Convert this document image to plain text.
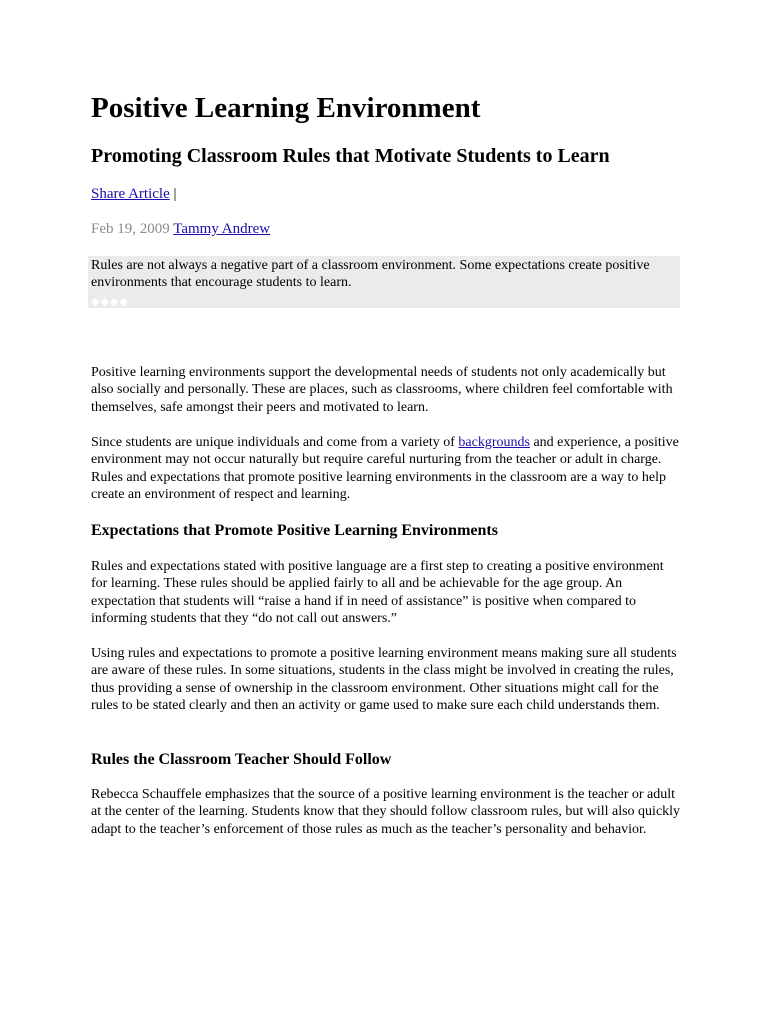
Positive Learning Environment
Promoting Classroom Rules that Motivate Students to Learn
Share Article |
Feb 19, 2009 Tammy Andrew
Rules are not always a negative part of a classroom environment. Some expectations create positive environments that encourage students to learn.
◆◆◆◆

Positive learning environments support the developmental needs of students not only academically but also socially and personally. These are places, such as classrooms, where children feel comfortable with themselves, safe amongst their peers and motivated to learn.

Since students are unique individuals and come from a variety of backgrounds and experience, a positive environment may not occur naturally but require careful nurturing from the teacher or adult in charge. Rules and expectations that promote positive learning environments in the classroom are a way to help create an environment of respect and learning.

Expectations that Promote Positive Learning Environments

Rules and expectations stated with positive language are a first step to creating a positive environment for learning. These rules should be applied fairly to all and be achievable for the age group. An expectation that students will “raise a hand if in need of assistance” is positive when compared to informing students that they “do not call out answers.”

Using rules and expectations to promote a positive learning environment means making sure all students are aware of these rules. In some situations, students in the class might be involved in creating the rules, thus providing a sense of ownership in the classroom environment. Other situations might call for the rules to be stated clearly and then an activity or game used to make sure each child understands them.

Rules the Classroom Teacher Should Follow

Rebecca Schauffele emphasizes that the source of a positive learning environment is the teacher or adult at the center of the learning. Students know that they should follow classroom rules, but will also quickly adapt to the teacher’s enforcement of those rules as much as the teacher’s personality and behavior.
